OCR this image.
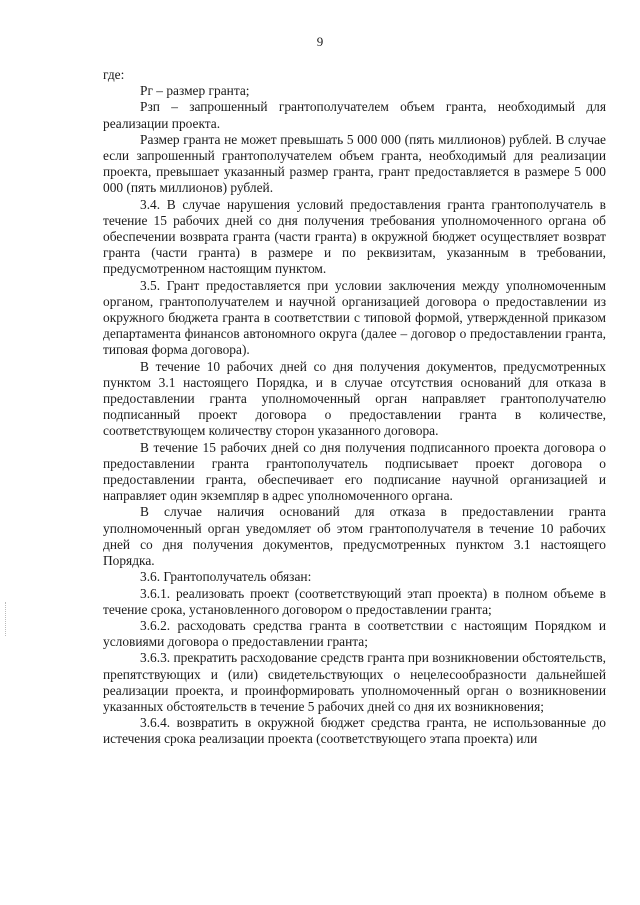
9

где:

Рг – размер гранта;

Рзп – запрошенный грантополучателем объем гранта, необходимый для реализации проекта.

Размер гранта не может превышать 5 000 000 (пять миллионов) рублей. В случае если запрошенный грантополучателем объем гранта, необходимый для реализации проекта, превышает указанный размер гранта, грант предоставляется в размере 5 000 000 (пять миллионов) рублей.

3.4. В случае нарушения условий предоставления гранта грантополучатель в течение 15 рабочих дней со дня получения требования уполномоченного органа об обеспечении возврата гранта (части гранта) в окружной бюджет осуществляет возврат гранта (части гранта) в размере и по реквизитам, указанным в требовании, предусмотренном настоящим пунктом.

3.5. Грант предоставляется при условии заключения между уполномоченным органом, грантополучателем и научной организацией договора о предоставлении из окружного бюджета гранта в соответствии с типовой формой, утвержденной приказом департамента финансов автономного округа (далее – договор о предоставлении гранта, типовая форма договора).

В течение 10 рабочих дней со дня получения документов, предусмотренных пунктом 3.1 настоящего Порядка, и в случае отсутствия оснований для отказа в предоставлении гранта уполномоченный орган направляет грантополучателю подписанный проект договора о предоставлении гранта в количестве, соответствующем количеству сторон указанного договора.

В течение 15 рабочих дней со дня получения подписанного проекта договора о предоставлении гранта грантополучатель подписывает проект договора о предоставлении гранта, обеспечивает его подписание научной организацией и направляет один экземпляр в адрес уполномоченного органа.

В случае наличия оснований для отказа в предоставлении гранта уполномоченный орган уведомляет об этом грантополучателя в течение 10 рабочих дней со дня получения документов, предусмотренных пунктом 3.1 настоящего Порядка.

3.6. Грантополучатель обязан:

3.6.1. реализовать проект (соответствующий этап проекта) в полном объеме в течение срока, установленного договором о предоставлении гранта;

3.6.2. расходовать средства гранта в соответствии с настоящим Порядком и условиями договора о предоставлении гранта;

3.6.3. прекратить расходование средств гранта при возникновении обстоятельств, препятствующих и (или) свидетельствующих о нецелесообразности дальнейшей реализации проекта, и проинформировать уполномоченный орган о возникновении указанных обстоятельств в течение 5 рабочих дней со дня их возникновения;

3.6.4. возвратить в окружной бюджет средства гранта, не использованные до истечения срока реализации проекта (соответствующего этапа проекта) или
